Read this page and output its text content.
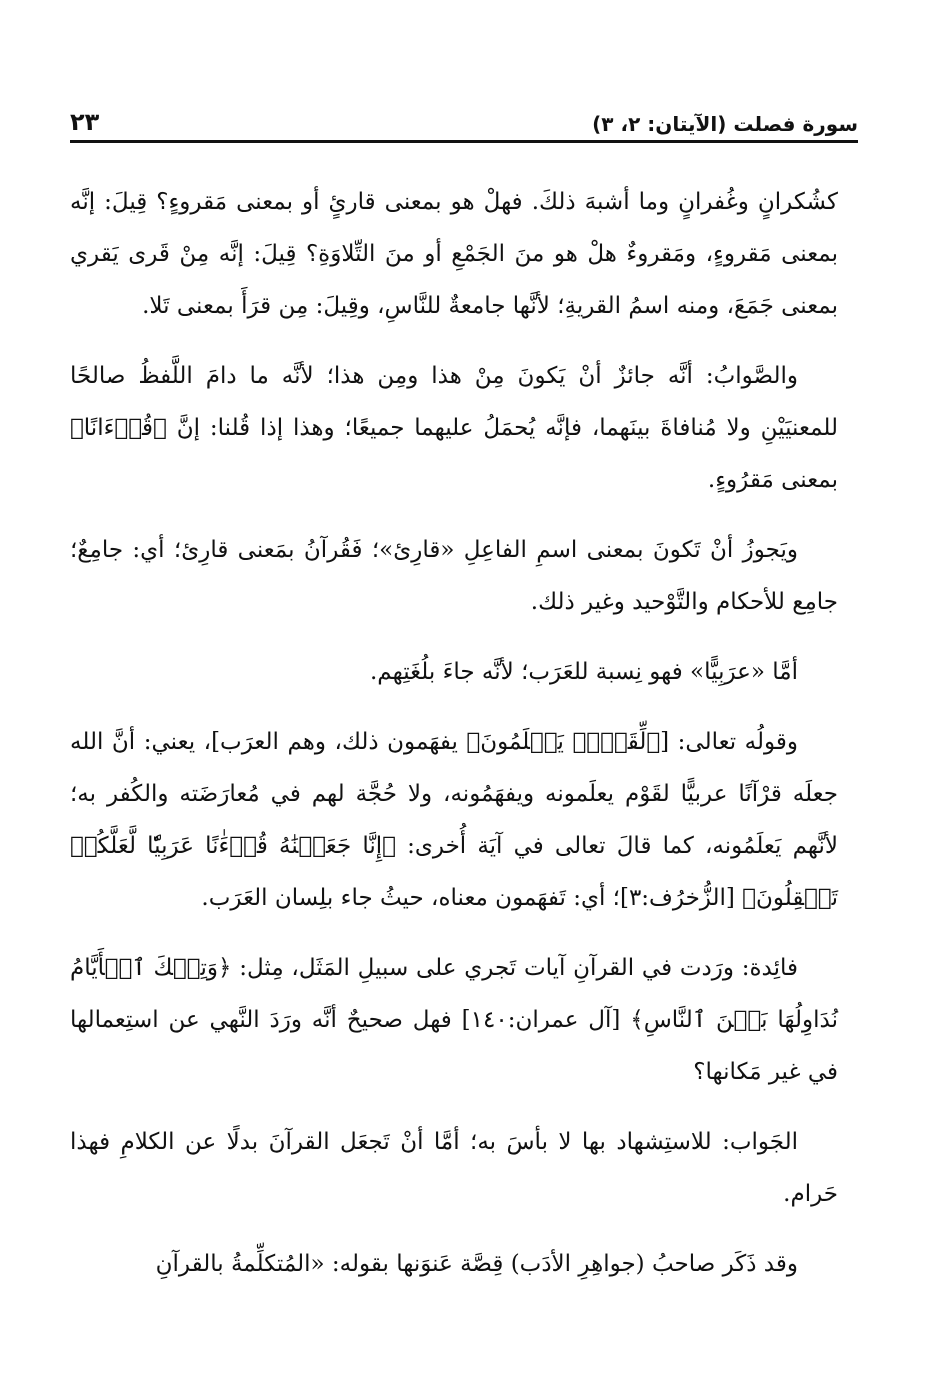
سورة فصلت (الآيتان: ٢، ٣)
٢٣

كشُكرانٍ وغُفرانٍ وما أشبهَ ذلكَ. فهلْ هو بمعنى قارئٍ أو بمعنى مَقروءٍ؟ قِيلَ: إنَّه بمعنى مَقروءٍ، ومَقروءٌ هلْ هو منَ الجَمْعِ أو منَ التِّلاوَةِ؟ قِيلَ: إنَّه مِنْ قَرى يَقري بمعنى جَمَعَ، ومنه اسمُ القريةِ؛ لأنَّها جامعةٌ للنَّاسِ، وقِيلَ: مِن قرَأَ بمعنى تَلا.

والصَّوابُ: أنَّه جائزٌ أنْ يَكونَ مِنْ هذا ومِن هذا؛ لأنَّه ما دامَ اللَّفظُ صالحًا للمعنيَيْنِ ولا مُنافاةَ بينَهما، فإنَّه يُحمَلُ عليهما جميعًا؛ وهذا إذا قُلنا: إنَّ ﴿قُرۡءَانًا﴾ بمعنى مَقرُوءٍ.

ويَجوزُ أنْ تَكونَ بمعنى اسمِ الفاعِلِ «قارِئ»؛ فَقُرآنُ بمَعنى قارِئ؛ أي: جامِعٌ؛ جامِع للأحكام والتَّوْحيد وغير ذلك.

أمَّا «عرَبِيًّا» فهو نِسبة للعَرَب؛ لأنَّه جاءَ بلُغَتِهم.

وقولُه تعالى: [﴿لِّقَوۡمٖ يَعۡلَمُونَ﴾ يفهَمون ذلك، وهم العرَب]، يعني: أنَّ الله جعلَه قرْآنًا عربيًّا لقَوْم يعلَمونه ويفهَمُونه، ولا حُجَّة لهم في مُعارَضَته والكُفر به؛ لأنَّهم يَعلَمُونه، كما قالَ تعالى في آيَة أُخرى: ﴿إِنَّا جَعَلۡنَٰهُ قُرۡءَٰنًا عَرَبِيّٗا لَّعَلَّكُمۡ تَعۡقِلُونَ﴾ [الزُّخرُف:٣]؛ أي: تَفهَمون معناه، حيثُ جاء بلِسان العَرَب.

فائِدة: ورَدت في القرآنِ آيات تَجري على سبيلِ المَثَل، مِثل: ﴿وَتِلۡكَ ٱلۡأَيَّامُ نُدَاوِلُهَا بَيۡنَ ٱلنَّاسِ﴾ [آل عمران:١٤٠] فهل صحيحٌ أنَّه ورَدَ النَّهي عن استِعمالها في غير مَكانها؟

الجَواب: للاستِشهاد بها لا بأسَ به؛ أمَّا أنْ تَجعَل القرآنَ بدلًا عن الكلامِ فهذا حَرام.

وقد ذَكَر صاحبُ (جواهِرِ الأدَب) قِصَّة عَنوَنها بقوله: «المُتكلِّمةُ بالقرآنِ
